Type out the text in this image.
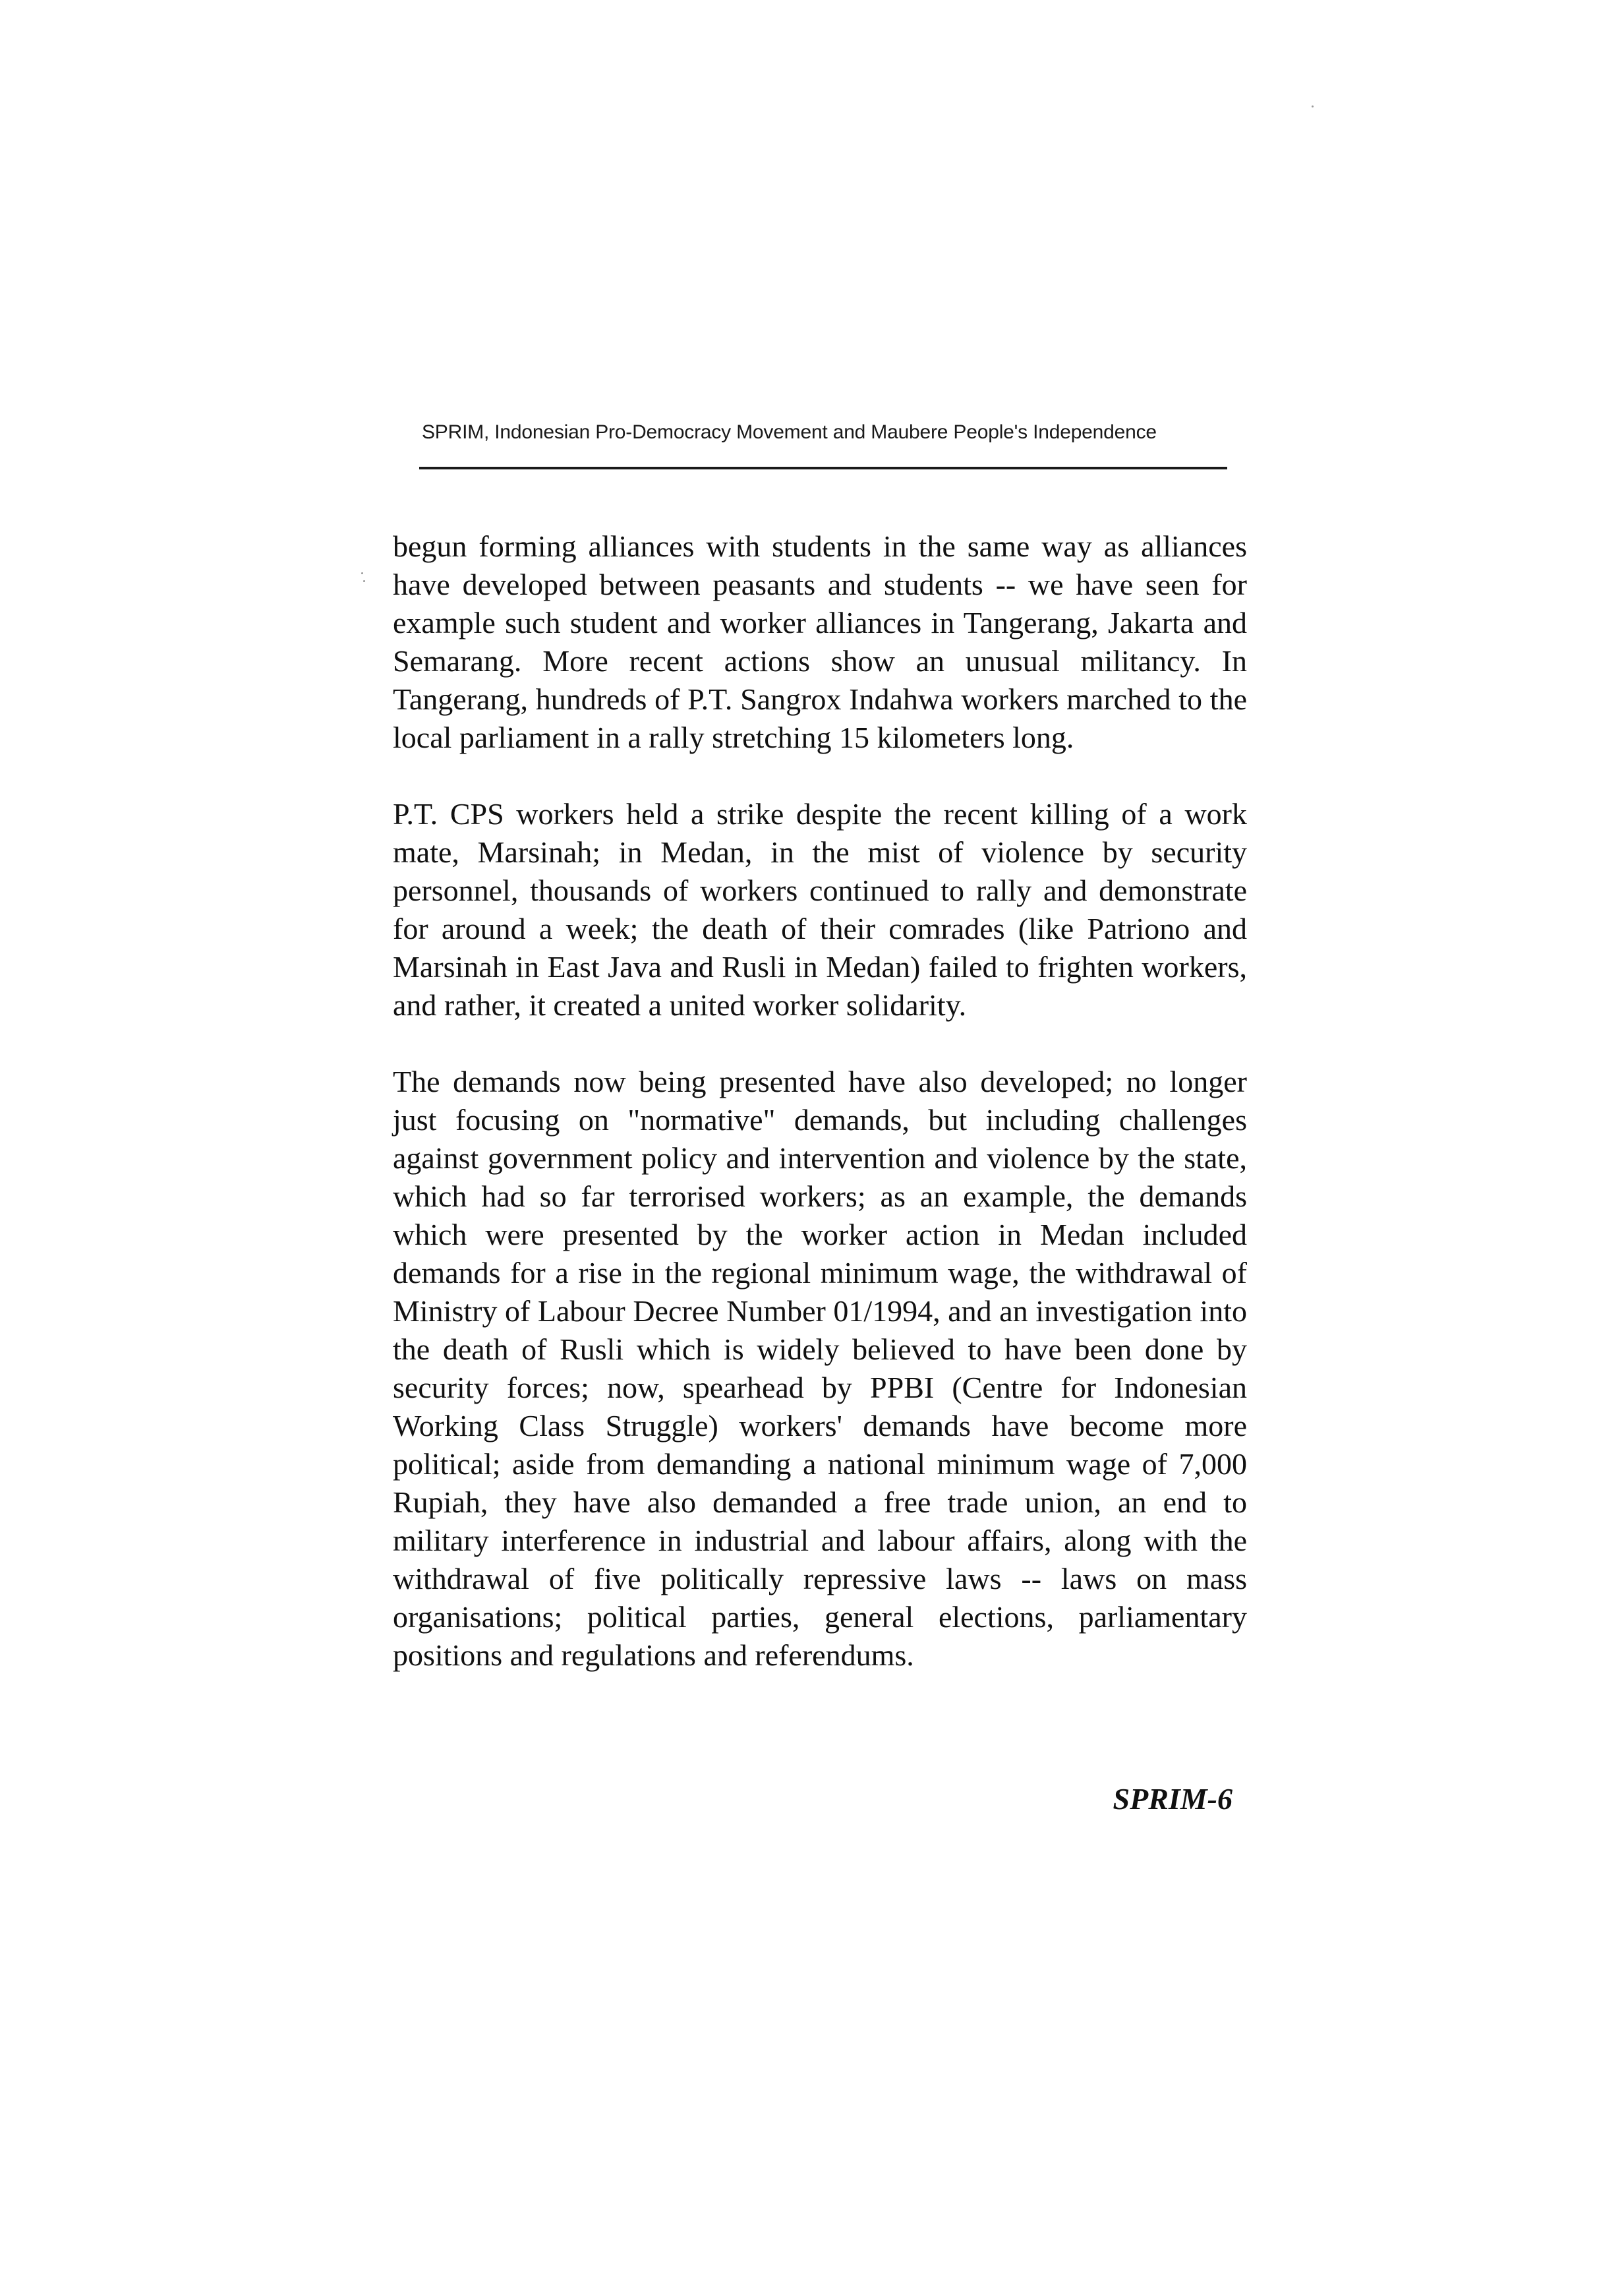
SPRIM, Indonesian Pro-Democracy Movement and Maubere People's Independence

begun forming alliances with students in the same way as alliances have developed between peasants and students -- we have seen for example such student and worker alliances in Tangerang, Jakarta and Semarang. More recent actions show an unusual militancy. In Tangerang, hundreds of P.T. Sangrox Indahwa workers marched to the local parliament in a rally stretching 15 kilometers long.

P.T. CPS workers held a strike despite the recent killing of a work mate, Marsinah; in Medan, in the mist of violence by security personnel, thousands of workers continued to rally and demonstrate for around a week; the death of their comrades (like Patriono and Marsinah in East Java and Rusli in Medan) failed to frighten workers, and rather, it created a united worker solidarity.

The demands now being presented have also developed; no longer just focusing on "normative" demands, but including challenges against government policy and intervention and violence by the state, which had so far terrorised workers; as an example, the demands which were presented by the worker action in Medan included demands for a rise in the regional minimum wage, the withdrawal of Ministry of Labour Decree Number 01/1994, and an investigation into the death of Rusli which is widely believed to have been done by security forces; now, spearhead by PPBI (Centre for Indonesian Working Class Struggle) workers' demands have become more political; aside from demanding a national minimum wage of 7,000 Rupiah, they have also demanded a free trade union, an end to military interference in industrial and labour affairs, along with the withdrawal of five politically repressive laws -- laws on mass organisations; political parties, general elections, parliamentary positions and regulations and referendums.

SPRIM-6
